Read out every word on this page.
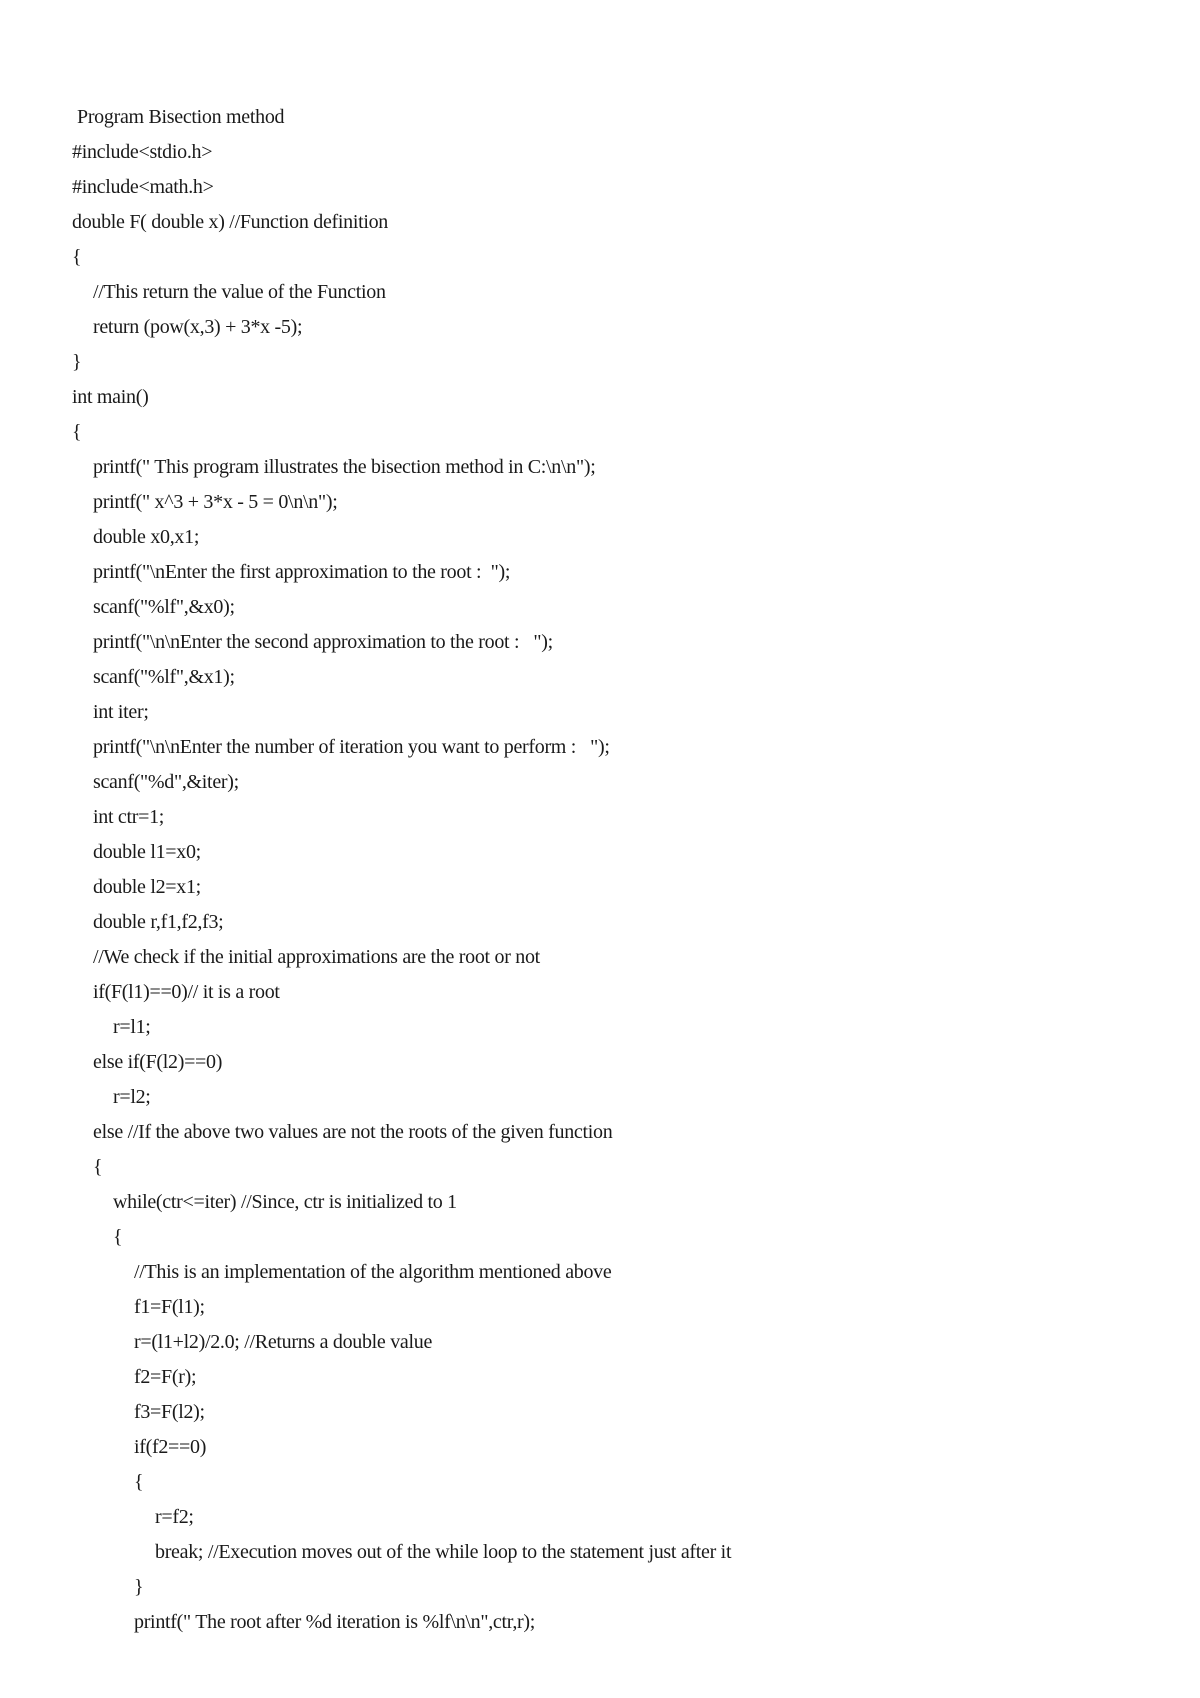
Program Bisection method
#include<stdio.h>
#include<math.h>
double F( double x) //Function definition
{
//This return the value of the Function
return (pow(x,3) + 3*x -5);
}
int main()
{
printf(" This program illustrates the bisection method in C:\n\n");
printf(" x^3 + 3*x - 5 = 0\n\n");
double x0,x1;
printf("\nEnter the first approximation to the root :  ");
scanf("%lf",&x0);
printf("\n\nEnter the second approximation to the root :   ");
scanf("%lf",&x1);
int iter;
printf("\n\nEnter the number of iteration you want to perform :   ");
scanf("%d",&iter);
int ctr=1;
double l1=x0;
double l2=x1;
double r,f1,f2,f3;
//We check if the initial approximations are the root or not
if(F(l1)==0)// it is a root
r=l1;
else if(F(l2)==0)
r=l2;
else //If the above two values are not the roots of the given function
{
while(ctr<=iter) //Since, ctr is initialized to 1
{
//This is an implementation of the algorithm mentioned above
f1=F(l1);
r=(l1+l2)/2.0; //Returns a double value
f2=F(r);
f3=F(l2);
if(f2==0)
{
r=f2;
break; //Execution moves out of the while loop to the statement just after it
}
printf(" The root after %d iteration is %lf\n\n",ctr,r);
